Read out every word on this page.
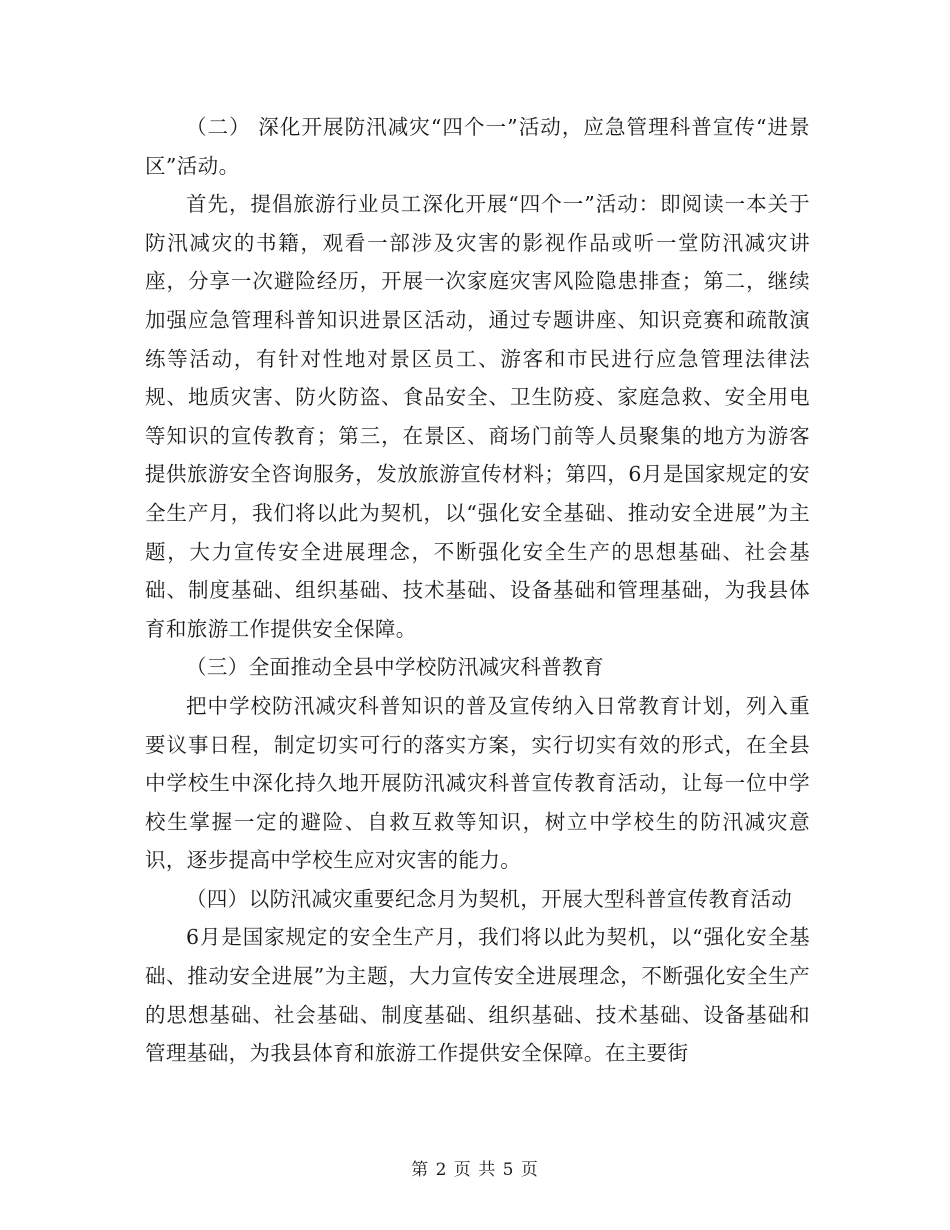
（二） 深化开展防汛减灾“四个一”活动，应急管理科普宣传“进景区”活动。

首先，提倡旅游行业员工深化开展“四个一”活动：即阅读一本关于防汛减灾的书籍，观看一部涉及灾害的影视作品或听一堂防汛减灾讲座，分享一次避险经历，开展一次家庭灾害风险隐患排查；第二，继续加强应急管理科普知识进景区活动，通过专题讲座、知识竞赛和疏散演练等活动，有针对性地对景区员工、游客和市民进行应急管理法律法规、地质灾害、防火防盗、食品安全、卫生防疫、家庭急救、安全用电等知识的宣传教育；第三，在景区、商场门前等人员聚集的地方为游客提供旅游安全咨询服务，发放旅游宣传材料；第四，6月是国家规定的安全生产月，我们将以此为契机，以“强化安全基础、推动安全进展”为主题，大力宣传安全进展理念，不断强化安全生产的思想基础、社会基础、制度基础、组织基础、技术基础、设备基础和管理基础，为我县体育和旅游工作提供安全保障。

（三）全面推动全县中学校防汛减灾科普教育

把中学校防汛减灾科普知识的普及宣传纳入日常教育计划，列入重要议事日程，制定切实可行的落实方案，实行切实有效的形式，在全县中学校生中深化持久地开展防汛减灾科普宣传教育活动，让每一位中学校生掌握一定的避险、自救互救等知识，树立中学校生的防汛减灾意识，逐步提高中学校生应对灾害的能力。

（四）以防汛减灾重要纪念月为契机，开展大型科普宣传教育活动

6月是国家规定的安全生产月，我们将以此为契机，以“强化安全基础、推动安全进展”为主题，大力宣传安全进展理念，不断强化安全生产的思想基础、社会基础、制度基础、组织基础、技术基础、设备基础和管理基础，为我县体育和旅游工作提供安全保障。在主要街

第 2 页 共 5 页
